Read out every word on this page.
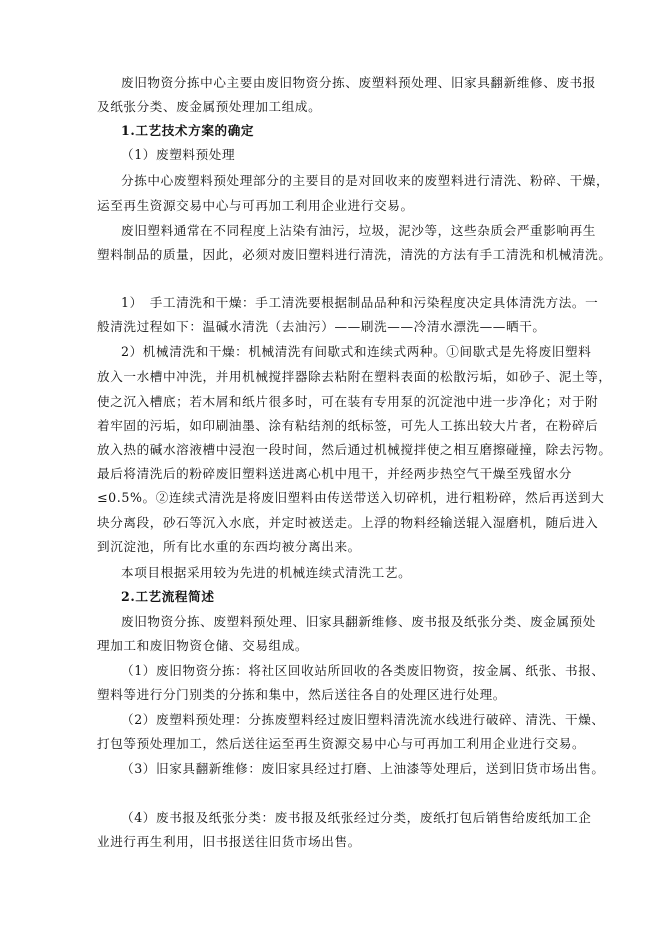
废旧物资分拣中心主要由废旧物资分拣、废塑料预处理、旧家具翻新维修、废书报
及纸张分类、废金属预处理加工组成。
1.工艺技术方案的确定
（1）废塑料预处理
分拣中心废塑料预处理部分的主要目的是对回收来的废塑料进行清洗、粉碎、干燥，
运至再生资源交易中心与可再加工利用企业进行交易。
废旧塑料通常在不同程度上沾染有油污，垃圾，泥沙等，这些杂质会严重影响再生
塑料制品的质量，因此，必须对废旧塑料进行清洗，清洗的方法有手工清洗和机械清洗。
1）　手工清洗和干燥：手工清洗要根据制品品种和污染程度决定具体清洗方法。一
般清洗过程如下：温碱水清洗（去油污）——刷洗——冷清水漂洗——晒干。
2）机械清洗和干燥：机械清洗有间歇式和连续式两种。①间歇式是先将废旧塑料
放入一水槽中冲洗，并用机械搅拌器除去粘附在塑料表面的松散污垢，如砂子、泥土等，
使之沉入槽底；若木屑和纸片很多时，可在装有专用泵的沉淀池中进一步净化；对于附
着牢固的污垢，如印刷油墨、涂有粘结剂的纸标签，可先人工拣出较大片者，在粉碎后
放入热的碱水溶液槽中浸泡一段时间，然后通过机械搅拌使之相互磨擦碰撞，除去污物。
最后将清洗后的粉碎废旧塑料送进离心机中甩干，并经两步热空气干燥至残留水分
≤0.5%。②连续式清洗是将废旧塑料由传送带送入切碎机，进行粗粉碎，然后再送到大
块分离段，砂石等沉入水底，并定时被送走。上浮的物料经输送辊入湿磨机，随后进入
到沉淀池，所有比水重的东西均被分离出来。
本项目根据采用较为先进的机械连续式清洗工艺。
2.工艺流程简述
废旧物资分拣、废塑料预处理、旧家具翻新维修、废书报及纸张分类、废金属预处
理加工和废旧物资仓储、交易组成。
（1）废旧物资分拣：将社区回收站所回收的各类废旧物资，按金属、纸张、书报、
塑料等进行分门别类的分拣和集中，然后送往各自的处理区进行处理。
（2）废塑料预处理：分拣废塑料经过废旧塑料清洗流水线进行破碎、清洗、干燥、
打包等预处理加工，然后送往运至再生资源交易中心与可再加工利用企业进行交易。
（3）旧家具翻新维修：废旧家具经过打磨、上油漆等处理后，送到旧货市场出售。
（4）废书报及纸张分类：废书报及纸张经过分类，废纸打包后销售给废纸加工企
业进行再生利用，旧书报送往旧货市场出售。
